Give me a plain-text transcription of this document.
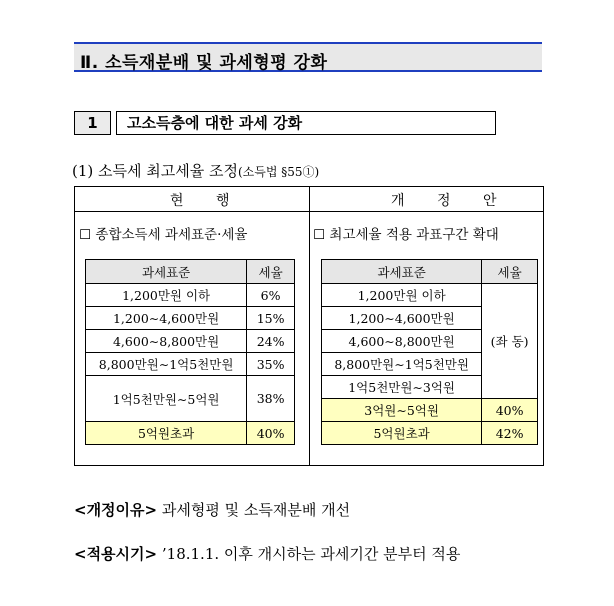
Ⅱ. 소득재분배 및 과세형평 강화
1	고소득층에 대한 과세 강화
(1) 소득세 최고세율 조정(소득법 §55①)
현 행	개 정 안
☐ 종합소득세 과세표준·세율	☐ 최고세율 적용 과표구간 확대
과세표준	세율
1,200만원 이하	6%
1,200∼4,600만원	15%
4,600∼8,800만원	24%
8,800만원∼1억5천만원	35%
1억5천만원∼5억원	38%
5억원초과	40%
과세표준	세율
1,200만원 이하	(좌 동)
1,200∼4,600만원	
4,600∼8,800만원	
8,800만원∼1억5천만원	
1억5천만원∼3억원	
3억원∼5억원	40%
5억원초과	42%
<개정이유> 과세형평 및 소득재분배 개선
<적용시기> ’18.1.1. 이후 개시하는 과세기간 분부터 적용
